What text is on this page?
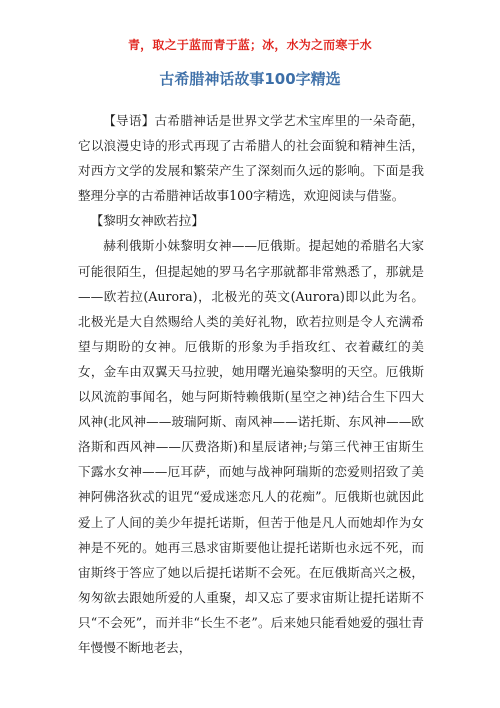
青，取之于蓝而青于蓝；冰，水为之而寒于水
古希腊神话故事100字精选

【导语】古希腊神话是世界文学艺术宝库里的一朵奇葩，它以浪漫史诗的形式再现了古希腊人的社会面貌和精神生活，对西方文学的发展和繁荣产生了深刻而久远的影响。下面是我整理分享的古希腊神话故事100字精选，欢迎阅读与借鉴。

【黎明女神欧若拉】

赫利俄斯小妹黎明女神——厄俄斯。提起她的希腊名大家可能很陌生，但提起她的罗马名字那就都非常熟悉了，那就是——欧若拉(Aurora)，北极光的英文(Aurora)即以此为名。北极光是大自然赐给人类的美好礼物，欧若拉则是令人充满希望与期盼的女神。厄俄斯的形象为手指玫红、衣着藏红的美女，金车由双翼天马拉驶，她用曙光遍染黎明的天空。厄俄斯以风流韵事闻名，她与阿斯特赖俄斯(星空之神)结合生下四大风神(北风神——玻瑞阿斯、南风神——诺托斯、东风神——欧洛斯和西风神——仄费洛斯)和星辰诸神;与第三代神王宙斯生下露水女神——厄耳萨，而她与战神阿瑞斯的恋爱则招致了美神阿佛洛狄忒的诅咒“爱成迷恋凡人的花痴”。厄俄斯也就因此爱上了人间的美少年提托诺斯，但苦于他是凡人而她却作为女神是不死的。她再三恳求宙斯要他让提托诺斯也永远不死，而宙斯终于答应了她以后提托诺斯不会死。在厄俄斯高兴之极，匆匆欲去跟她所爱的人重聚，却又忘了要求宙斯让提托诺斯不只“不会死”，而并非“长生不老”。后来她只能看她爱的强壮青年慢慢不断地老去，
